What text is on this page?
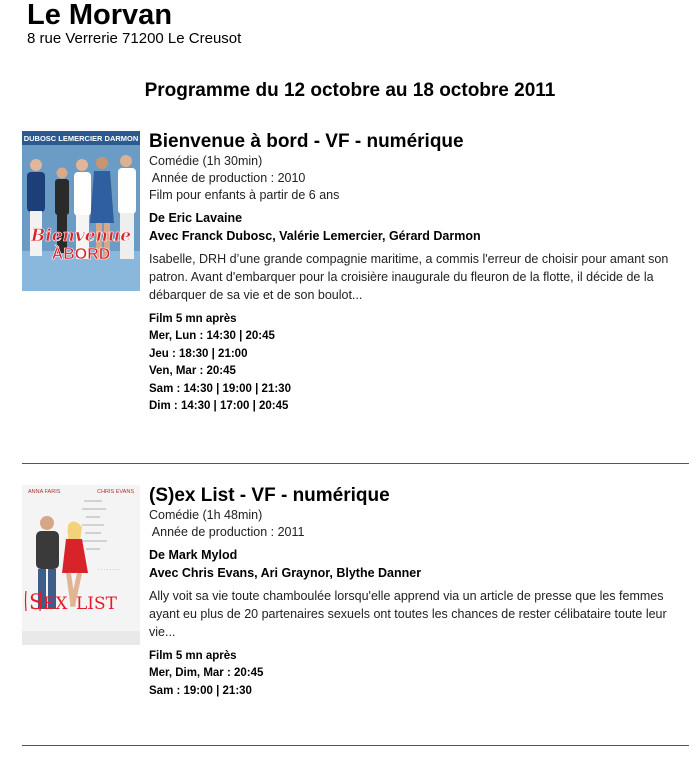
Le Morvan
8 rue Verrerie 71200 Le Creusot
Programme du 12 octobre au 18 octobre 2011
DUBOSC LEMERCIER DARMON
Bienvenue
ÀBORD
Bienvenue à bord - VF - numérique
Comédie (1h 30min)
Année de production : 2010
Film pour enfants à partir de 6 ans
De Eric Lavaine
Avec Franck Dubosc, Valérie Lemercier, Gérard Darmon
Isabelle, DRH d’une grande compagnie maritime, a commis l'erreur de choisir pour amant son patron. Avant d'embarquer pour la croisière inaugurale du fleuron de la flotte, il décide de la débarquer de sa vie et de son boulot...
Film 5 mn après
Mer, Lun : 14:30 | 20:45
Jeu : 18:30 | 21:00
Ven, Mar : 20:45
Sam : 14:30 | 19:00 | 21:30
Dim : 14:30 | 17:00 | 20:45
ANNA FARIS	CHRIS EVANS
· · · · · · · ·
S EX LIST
(S)ex List - VF - numérique
Comédie (1h 48min)
Année de production : 2011
De Mark Mylod
Avec Chris Evans, Ari Graynor, Blythe Danner
Ally voit sa vie toute chamboulée lorsqu'elle apprend via un article de presse que les femmes ayant eu plus de 20 partenaires sexuels ont toutes les chances de rester célibataire toute leur vie...
Film 5 mn après
Mer, Dim, Mar : 20:45
Sam : 19:00 | 21:30
